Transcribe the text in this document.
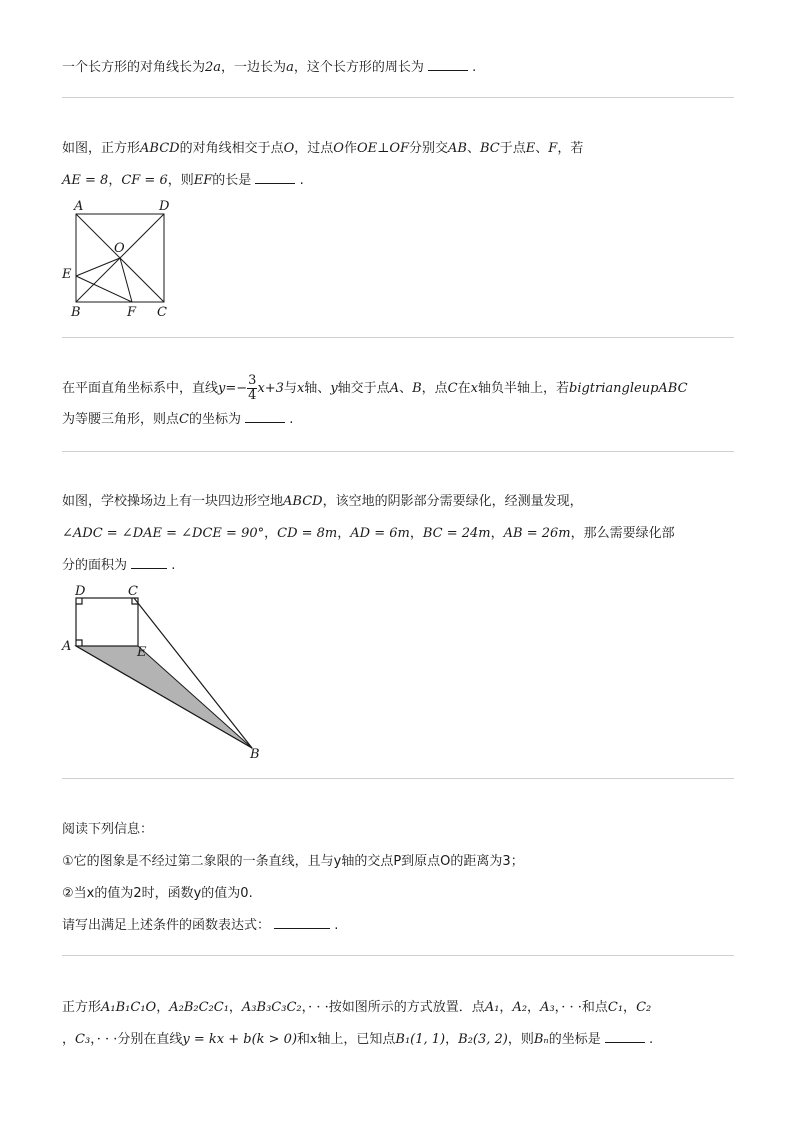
一个长方形的对角线长为2a，一边长为a，这个长方形的周长为	.
如图，正方形ABCD的对角线相交于点O，过点O作OE⊥OF分别交AB、BC于点E、F，若
AE = 8，CF = 6，则EF的长是	.
A	D
O
E
B	F C
在平面直角坐标系中，直线$y=- \frac{3}{4} x+3$与x轴、y轴交于点A、B，点C在x轴负半轴上，若bigtriangleupABC
为等腰三角形，则点C的坐标为	.
如图，学校操场边上有一块四边形空地ABCD，该空地的阴影部分需要绿化，经测量发现，
∠ADC = ∠DAE = ∠DCE = 90°，CD = 8m，AD = 6m，BC = 24m，AB = 26m，那么需要绿化部
分的面积为	.
D	C
A	E
B
阅读下列信息：
①它的图象是不经过第二象限的一条直线，且与y轴的交点P到原点O的距离为3；
②当x的值为2时，函数y的值为0.
请写出满足上述条件的函数表达式：	.
正方形A₁B₁C₁O，A₂B₂C₂C₁，A₃B₃C₃C₂，· · ·按如图所示的方式放置．点A₁，A₂，A₃，· · ·和点C₁，C₂
，C₃，· · ·分别在直线y = kx + b(k > 0)和x轴上，已知点B₁(1, 1)，B₂(3, 2)，则Bₙ的坐标是	.
